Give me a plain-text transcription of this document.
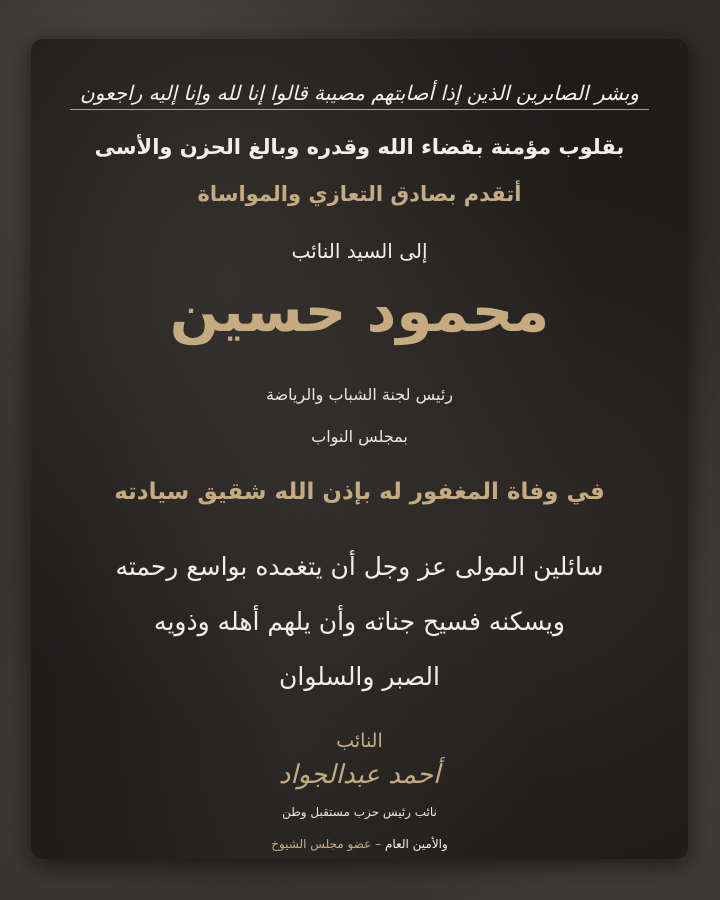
وبشر الصابرين الذين إذا أصابتهم مصيبة قالوا إنا لله وإنا إليه راجعون
بقلوب مؤمنة بقضاء الله وقدره وبالغ الحزن والأسى
أتقدم بصادق التعازي والمواساة
إلى السيد النائب
محمود حسين
رئيس لجنة الشباب والرياضة
بمجلس النواب
في وفاة المغفور له بإذن الله شقيق سيادته
سائلين المولى عز وجل أن يتغمده بواسع رحمته
ويسكنه فسيح جناته وأن يلهم أهله وذويه
الصبر والسلوان
النائب
أحمد عبدالجواد
نائب رئيس حزب مستقبل وطن
والأمين العام – عضو مجلس الشيوخ
